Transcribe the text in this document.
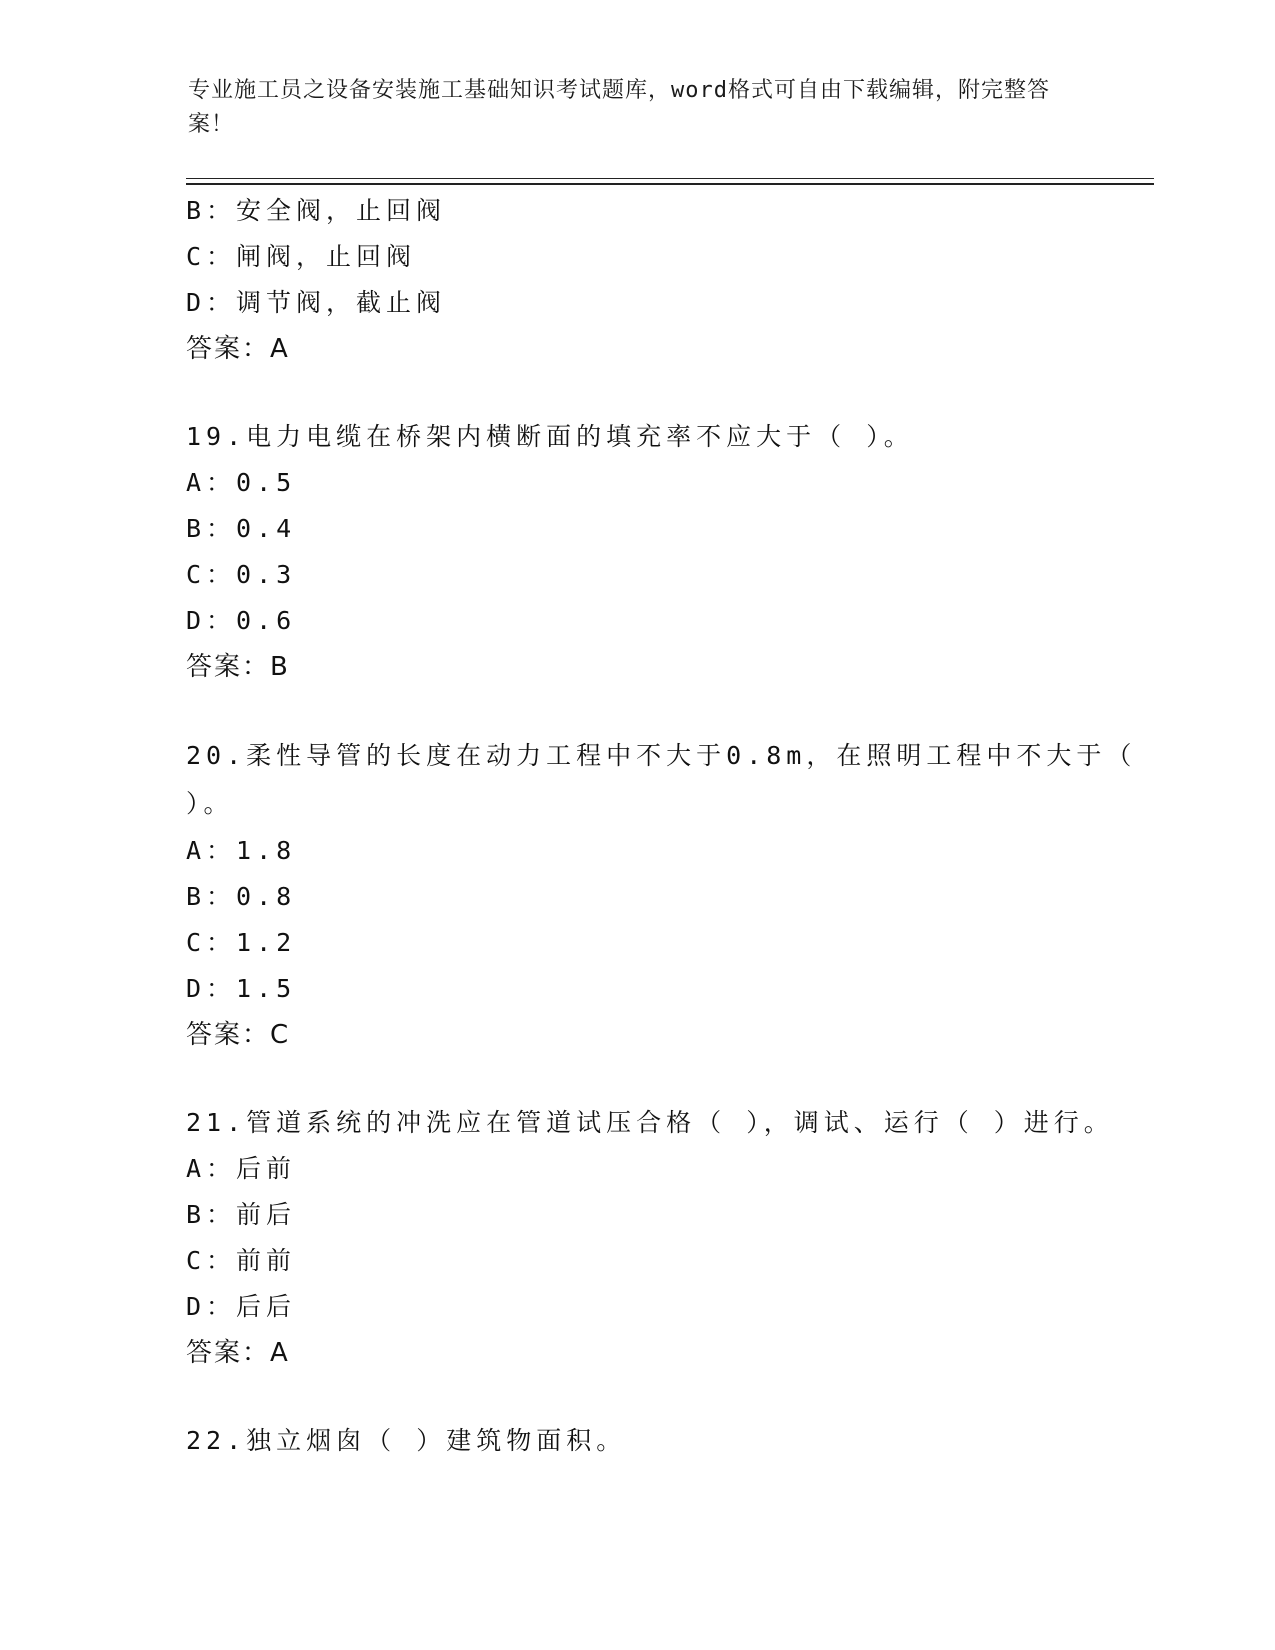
专业施工员之设备安装施工基础知识考试题库，word格式可自由下载编辑，附完整答案！
B：安全阀，止回阀
C：闸阀，止回阀
D：调节阀，截止阀
答案：A
19.电力电缆在桥架内横断面的填充率不应大于（ ）。
A：0.5
B：0.4
C：0.3
D：0.6
答案：B
20.柔性导管的长度在动力工程中不大于0.8m，在照明工程中不大于（ ）。
A：1.8
B：0.8
C：1.2
D：1.5
答案：C
21.管道系统的冲洗应在管道试压合格（ ），调试、运行（ ）进行。
A：后前
B：前后
C：前前
D：后后
答案：A
22.独立烟囱（ ）建筑物面积。
